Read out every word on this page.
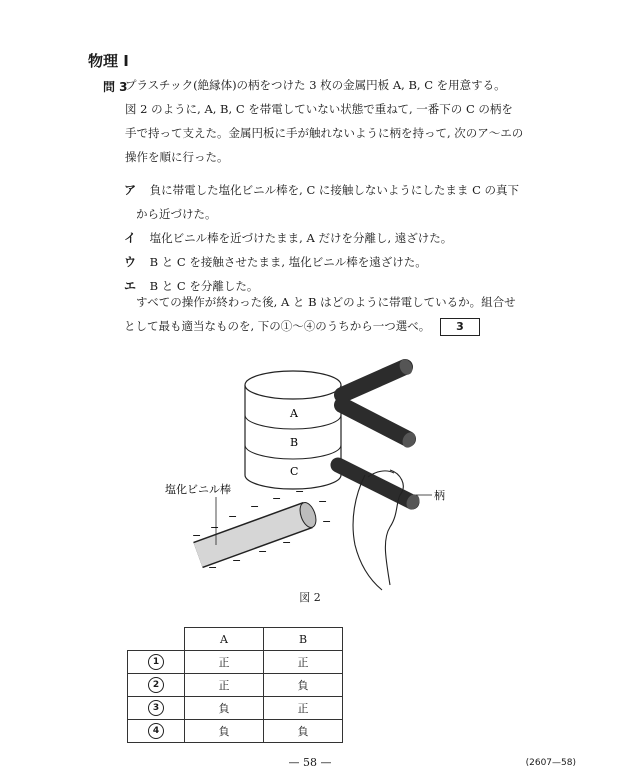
物理 I
問 3
プラスチック(絶縁体)の柄をつけた 3 枚の金属円板 A, B, C を用意する。
図 2 のように, A, B, C を帯電していない状態で重ねて, 一番下の C の柄を
手で持って支えた。金属円板に手が触れないように柄を持って, 次のア〜エの
操作を順に行った。
ア 負に帯電した塩化ビニル棒を, C に接触しないようにしたまま C の真下
から近づけた。
イ 塩化ビニル棒を近づけたまま, A だけを分離し, 遠ざけた。
ウ B と C を接触させたまま, 塩化ビニル棒を遠ざけた。
エ B と C を分離した。
すべての操作が終わった後, A と B はどのように帯電しているか。組合せ
として最も適当なものを, 下の①〜④のうちから一つ選べ。 3
A
B
C
柄
塩化ビニル棒
−
−
−
−
−
−
−
−
−
−
−
−
図 2
	A	B
1	正	正
2	正	負
3	負	正
4	負	負
— 58 —	(2607—58)
